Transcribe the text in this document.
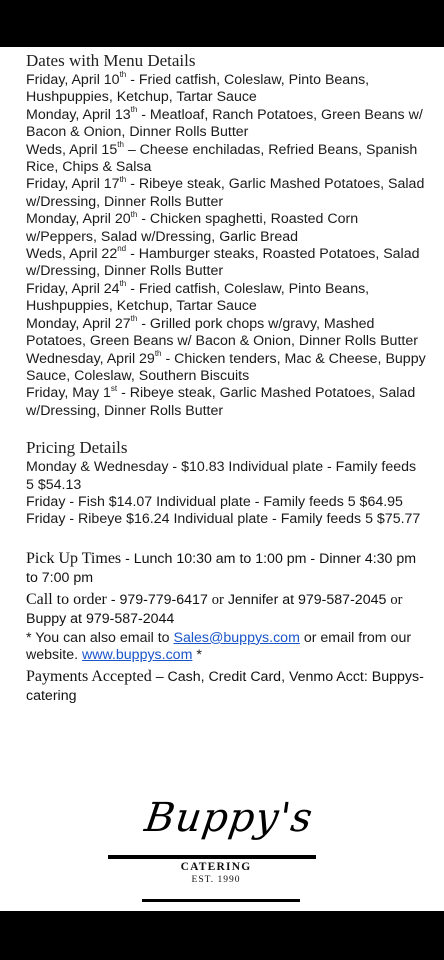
Dates with Menu Details
Friday, April 10th - Fried catfish, Coleslaw, Pinto Beans, Hushpuppies, Ketchup, Tartar Sauce
Monday, April 13th - Meatloaf, Ranch Potatoes, Green Beans w/ Bacon & Onion, Dinner Rolls Butter
Weds, April 15th – Cheese enchiladas, Refried Beans, Spanish Rice, Chips & Salsa
Friday, April 17th - Ribeye steak, Garlic Mashed Potatoes, Salad w/Dressing, Dinner Rolls Butter
Monday, April 20th - Chicken spaghetti, Roasted Corn w/Peppers, Salad w/Dressing, Garlic Bread
Weds, April 22nd - Hamburger steaks, Roasted Potatoes, Salad w/Dressing, Dinner Rolls Butter
Friday, April 24th - Fried catfish, Coleslaw, Pinto Beans, Hushpuppies, Ketchup, Tartar Sauce
Monday, April 27th - Grilled pork chops w/gravy, Mashed Potatoes, Green Beans w/ Bacon & Onion, Dinner Rolls Butter
Wednesday, April 29th - Chicken tenders, Mac & Cheese, Buppy Sauce, Coleslaw, Southern Biscuits
Friday, May 1st - Ribeye steak, Garlic Mashed Potatoes, Salad w/Dressing, Dinner Rolls Butter
Pricing Details
Monday & Wednesday - $10.83 Individual plate - Family feeds 5 $54.13
Friday - Fish $14.07 Individual plate - Family feeds 5 $64.95
Friday - Ribeye $16.24 Individual plate - Family feeds 5 $75.77
Pick Up Times - Lunch 10:30 am to 1:00 pm - Dinner 4:30 pm to 7:00 pm
Call to order - 979-779-6417 or Jennifer at 979-587-2045 or Buppy at 979-587-2044
* You can also email to Sales@buppys.com or email from our website. www.buppys.com *
Payments Accepted – Cash, Credit Card, Venmo Acct: Buppys-catering
Buppy's
CATERING
EST. 1990
